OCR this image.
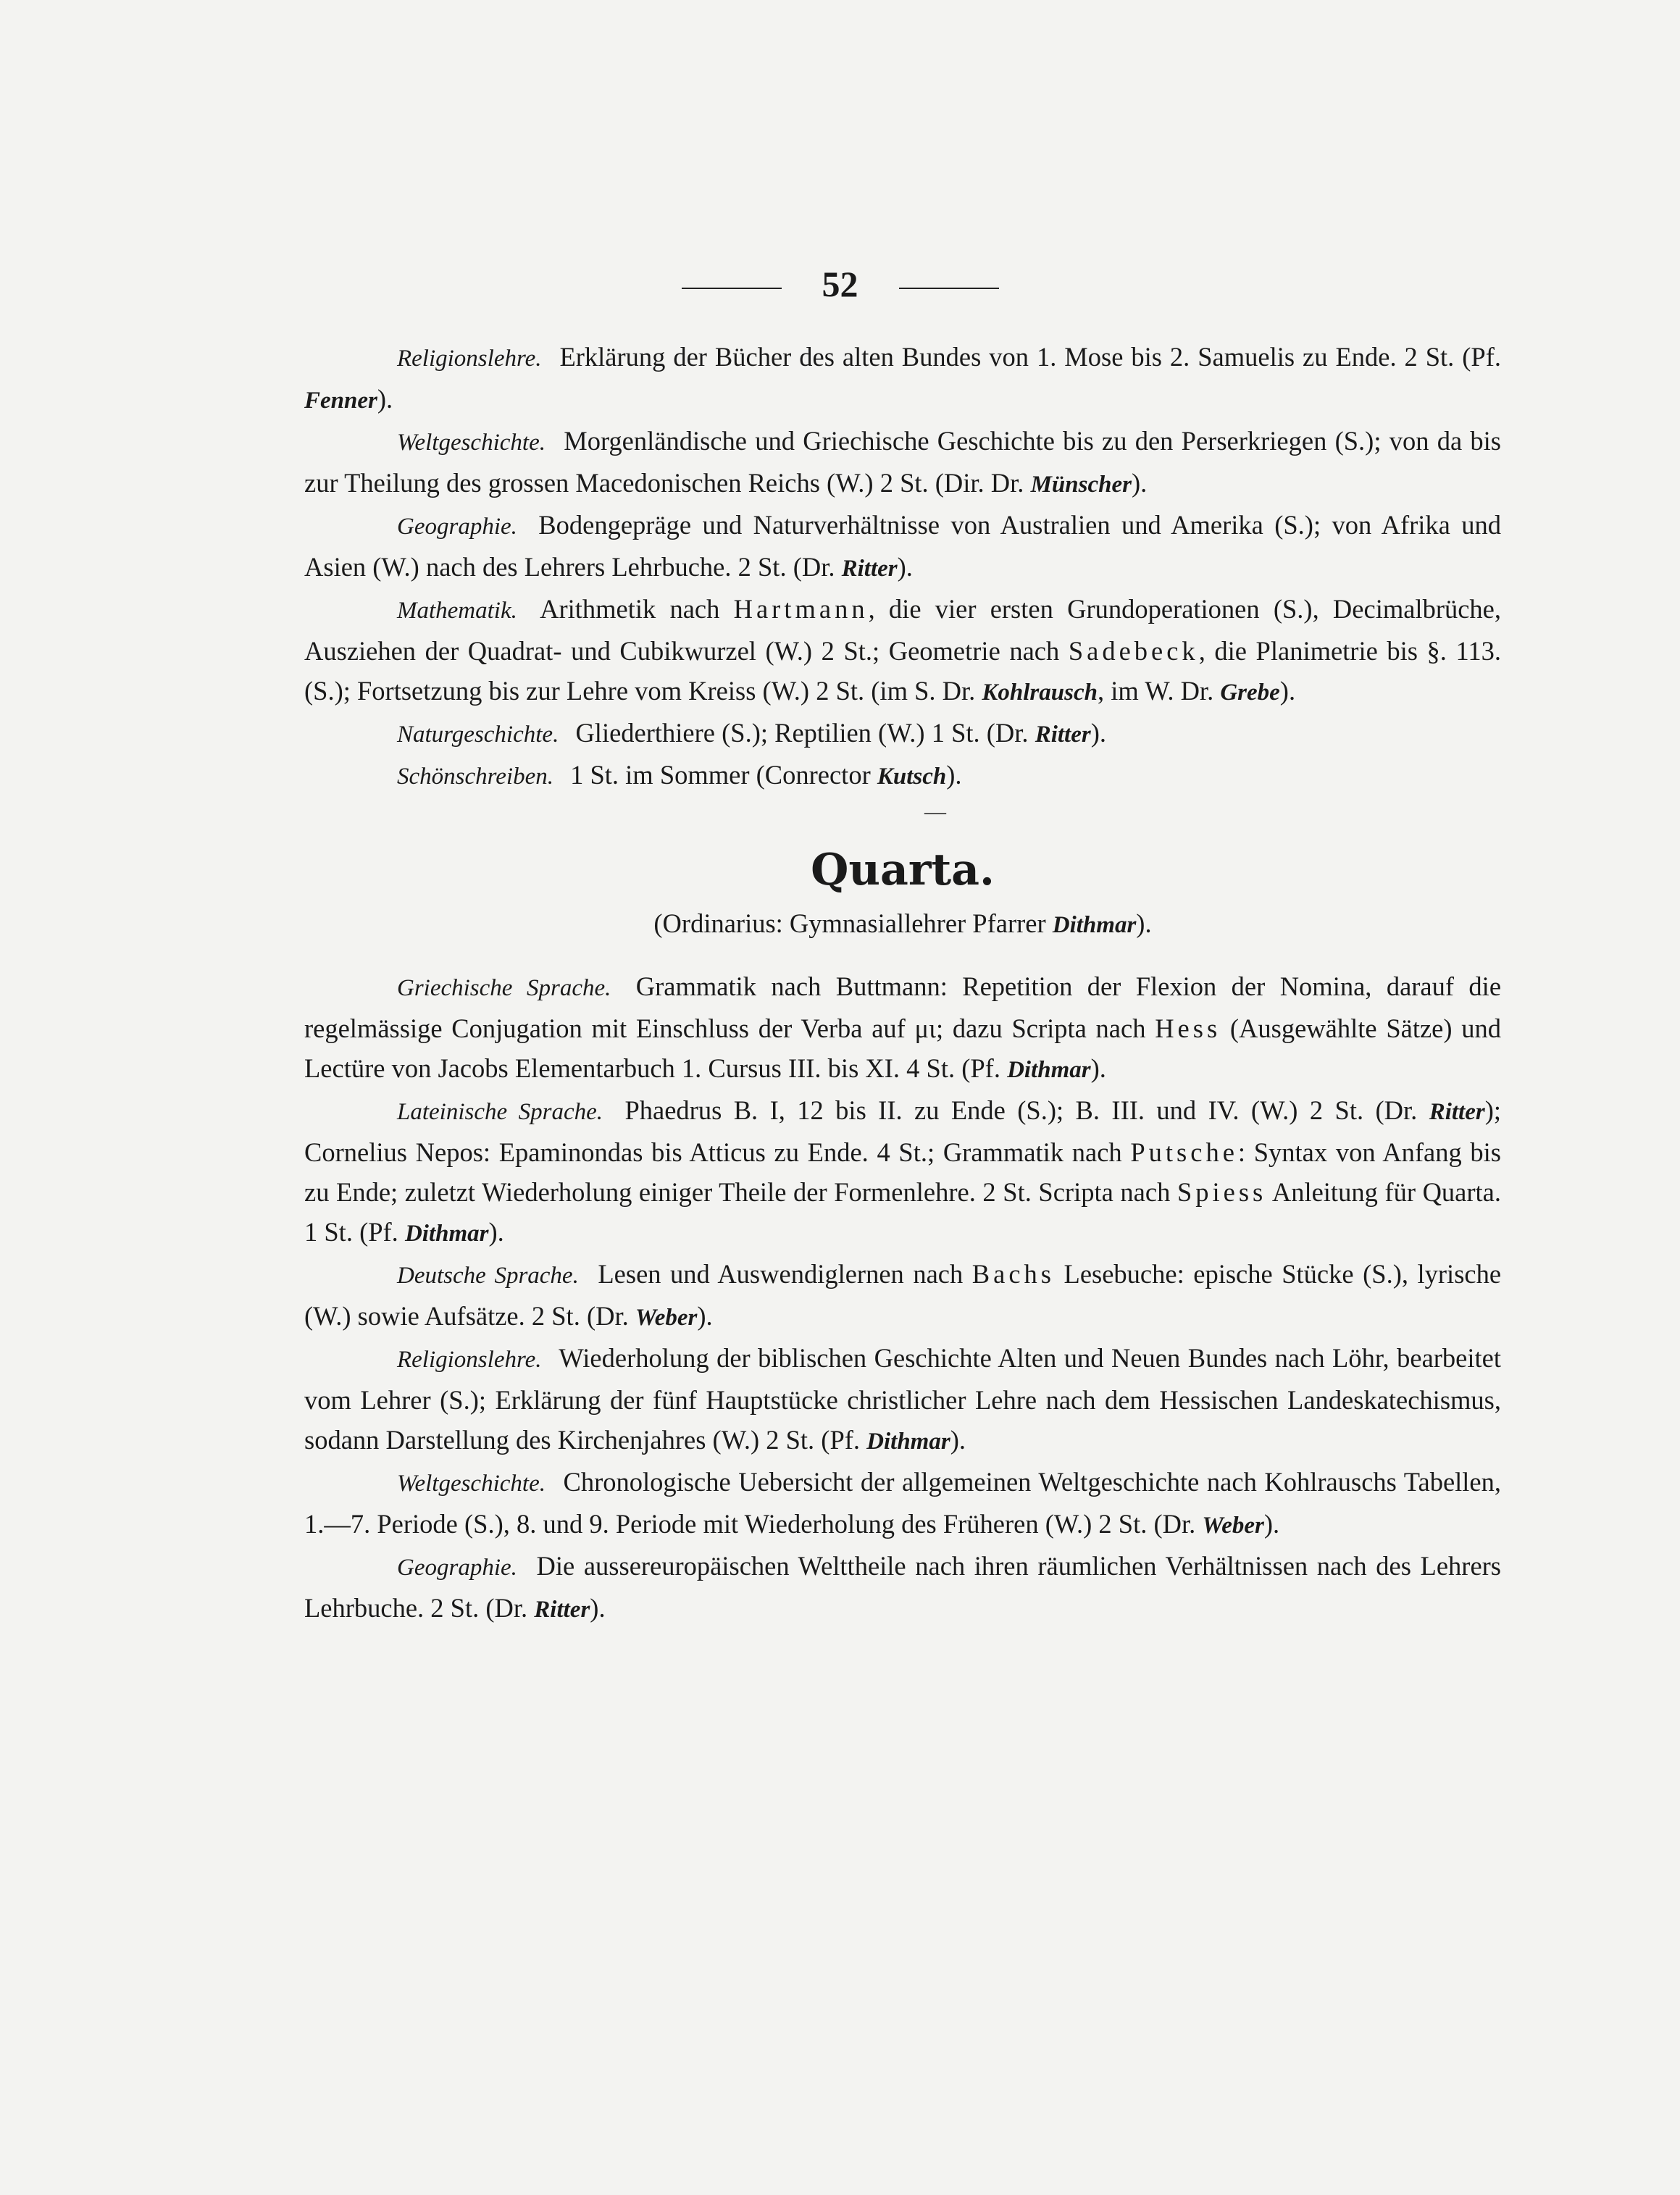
52

Religionslehre. Erklärung der Bücher des alten Bundes von 1. Mose bis 2. Samuelis zu Ende. 2 St. (Pf. Fenner).

Weltgeschichte. Morgenländische und Griechische Geschichte bis zu den Perserkriegen (S.); von da bis zur Theilung des grossen Macedonischen Reichs (W.) 2 St. (Dir. Dr. Münscher).

Geographie. Bodengepräge und Naturverhältnisse von Australien und Amerika (S.); von Afrika und Asien (W.) nach des Lehrers Lehrbuche. 2 St. (Dr. Ritter).

Mathematik. Arithmetik nach Hartmann, die vier ersten Grundoperationen (S.), Decimalbrüche, Ausziehen der Quadrat- und Cubikwurzel (W.) 2 St.; Geometrie nach Sadebeck, die Planimetrie bis §. 113. (S.); Fortsetzung bis zur Lehre vom Kreiss (W.) 2 St. (im S. Dr. Kohlrausch, im W. Dr. Grebe).

Naturgeschichte. Gliederthiere (S.); Reptilien (W.) 1 St. (Dr. Ritter).

Schönschreiben. 1 St. im Sommer (Conrector Kutsch).

—
Quarta.
(Ordinarius: Gymnasiallehrer Pfarrer Dithmar).

Griechische Sprache. Grammatik nach Buttmann: Repetition der Flexion der Nomina, darauf die regelmässige Conjugation mit Einschluss der Verba auf μι; dazu Scripta nach Hess (Ausgewählte Sätze) und Lectüre von Jacobs Elementarbuch 1. Cursus III. bis XI. 4 St. (Pf. Dithmar).

Lateinische Sprache. Phaedrus B. I, 12 bis II. zu Ende (S.); B. III. und IV. (W.) 2 St. (Dr. Ritter); Cornelius Nepos: Epaminondas bis Atticus zu Ende. 4 St.; Grammatik nach Putsche: Syntax von Anfang bis zu Ende; zuletzt Wiederholung einiger Theile der Formenlehre. 2 St. Scripta nach Spiess Anleitung für Quarta. 1 St. (Pf. Dithmar).

Deutsche Sprache. Lesen und Auswendiglernen nach Bachs Lesebuche: epische Stücke (S.), lyrische (W.) sowie Aufsätze. 2 St. (Dr. Weber).

Religionslehre. Wiederholung der biblischen Geschichte Alten und Neuen Bundes nach Löhr, bearbeitet vom Lehrer (S.); Erklärung der fünf Hauptstücke christlicher Lehre nach dem Hessischen Landeskatechismus, sodann Darstellung des Kirchenjahres (W.) 2 St. (Pf. Dithmar).

Weltgeschichte. Chronologische Uebersicht der allgemeinen Weltgeschichte nach Kohlrauschs Tabellen, 1.—7. Periode (S.), 8. und 9. Periode mit Wiederholung des Früheren (W.) 2 St. (Dr. Weber).

Geographie. Die aussereuropäischen Welttheile nach ihren räumlichen Verhältnissen nach des Lehrers Lehrbuche. 2 St. (Dr. Ritter).
